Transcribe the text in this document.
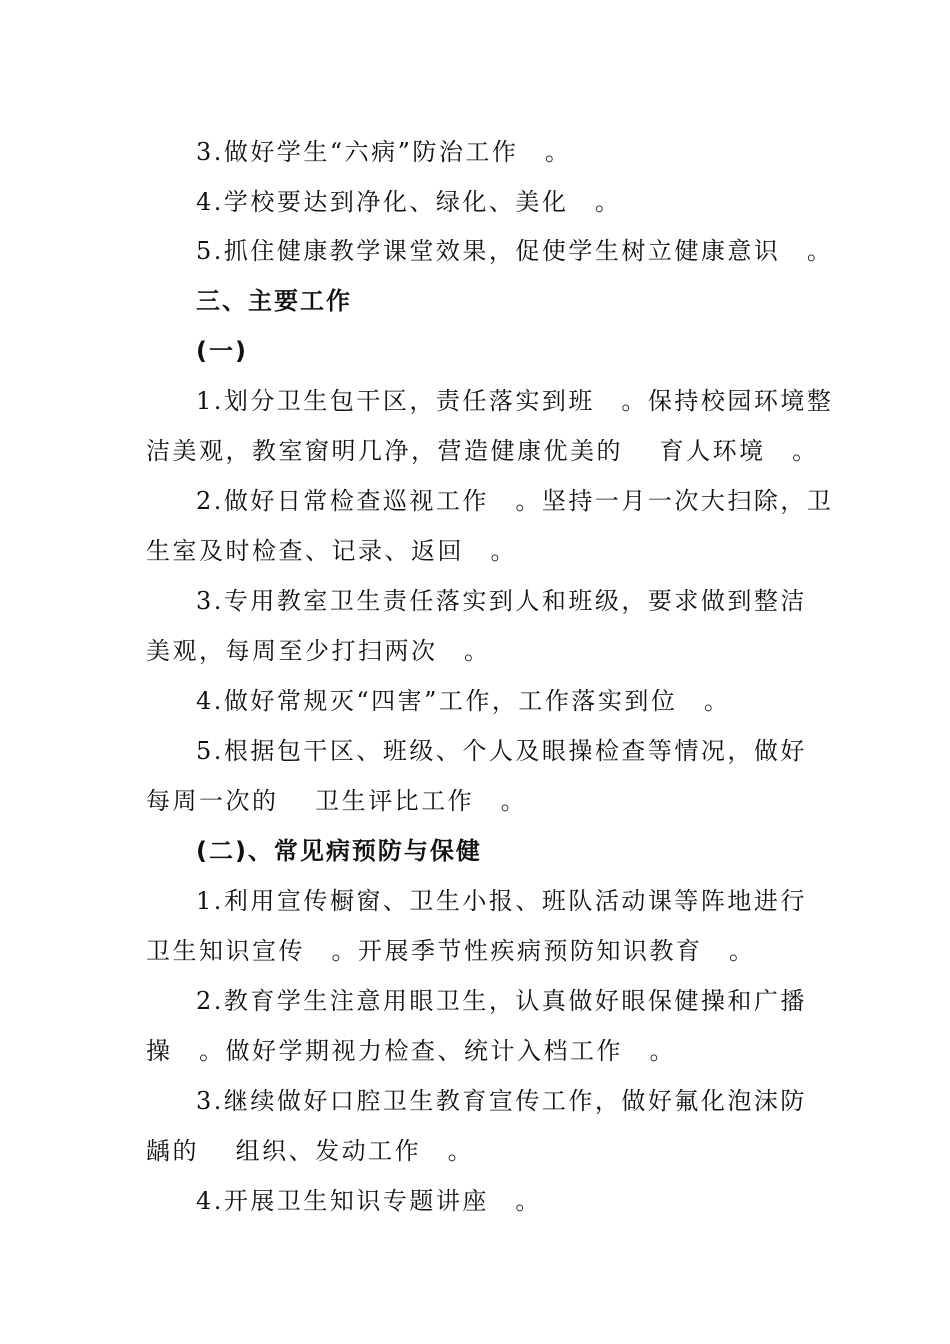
3.做好学生“六病”防治工作　。
4.学校要达到净化、绿化、美化　。
5.抓住健康教学课堂效果，促使学生树立健康意识　。
三、主要工作
(一)
1.划分卫生包干区，责任落实到班　。保持校园环境整
洁美观，教室窗明几净，营造健康优美的　 育人环境　。
2.做好日常检查巡视工作　。坚持一月一次大扫除，卫
生室及时检查、记录、返回　。
3.专用教室卫生责任落实到人和班级，要求做到整洁
美观，每周至少打扫两次　。
4.做好常规灭“四害”工作，工作落实到位　。
5.根据包干区、班级、个人及眼操检查等情况，做好
每周一次的　 卫生评比工作　。
(二)、常见病预防与保健
1.利用宣传橱窗、卫生小报、班队活动课等阵地进行
卫生知识宣传　。开展季节性疾病预防知识教育　。
2.教育学生注意用眼卫生，认真做好眼保健操和广播
操　。做好学期视力检查、统计入档工作　。
3.继续做好口腔卫生教育宣传工作，做好氟化泡沫防
龋的　 组织、发动工作　。
4.开展卫生知识专题讲座　。
